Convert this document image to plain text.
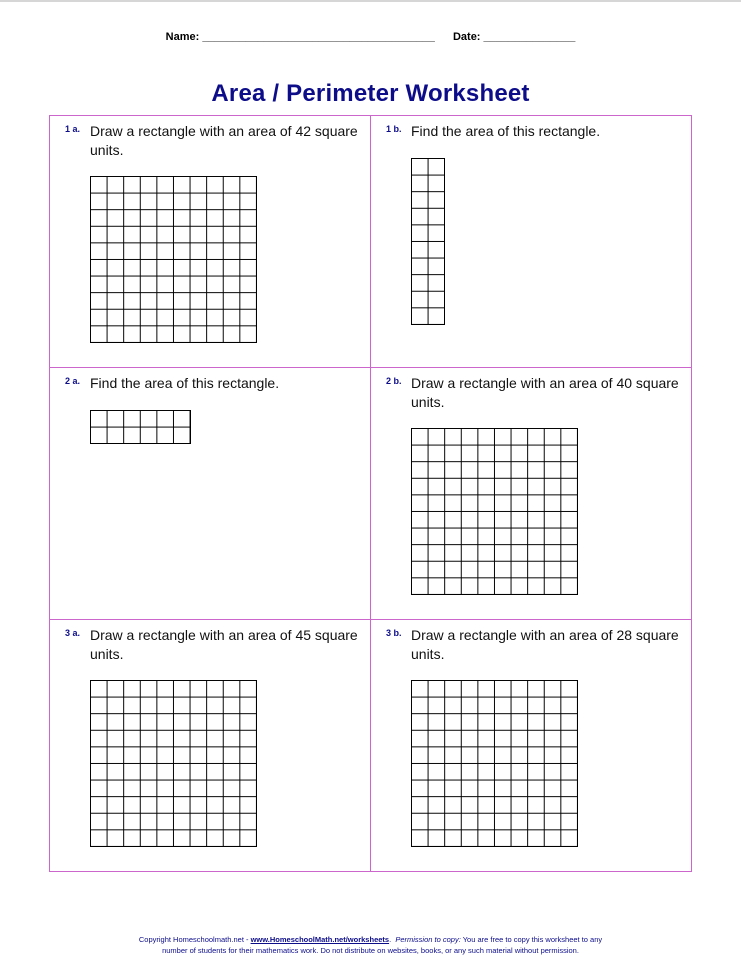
Name: ______________________________________ Date: _______________
Area / Perimeter Worksheet
1 a. Draw a rectangle with an area of 42 square units.
1 b. Find the area of this rectangle.
2 a. Find the area of this rectangle.	2 b. Draw a rectangle with an area of 40 square units.
3 a. Draw a rectangle with an area of 45 square units.
3 b. Draw a rectangle with an area of 28 square units.
Copyright Homeschoolmath.net - www.HomeschoolMath.net/worksheets.  Permission to copy: You are free to copy this worksheet to any
number of students for their mathematics work. Do not distribute on websites, books, or any such material without permission.
